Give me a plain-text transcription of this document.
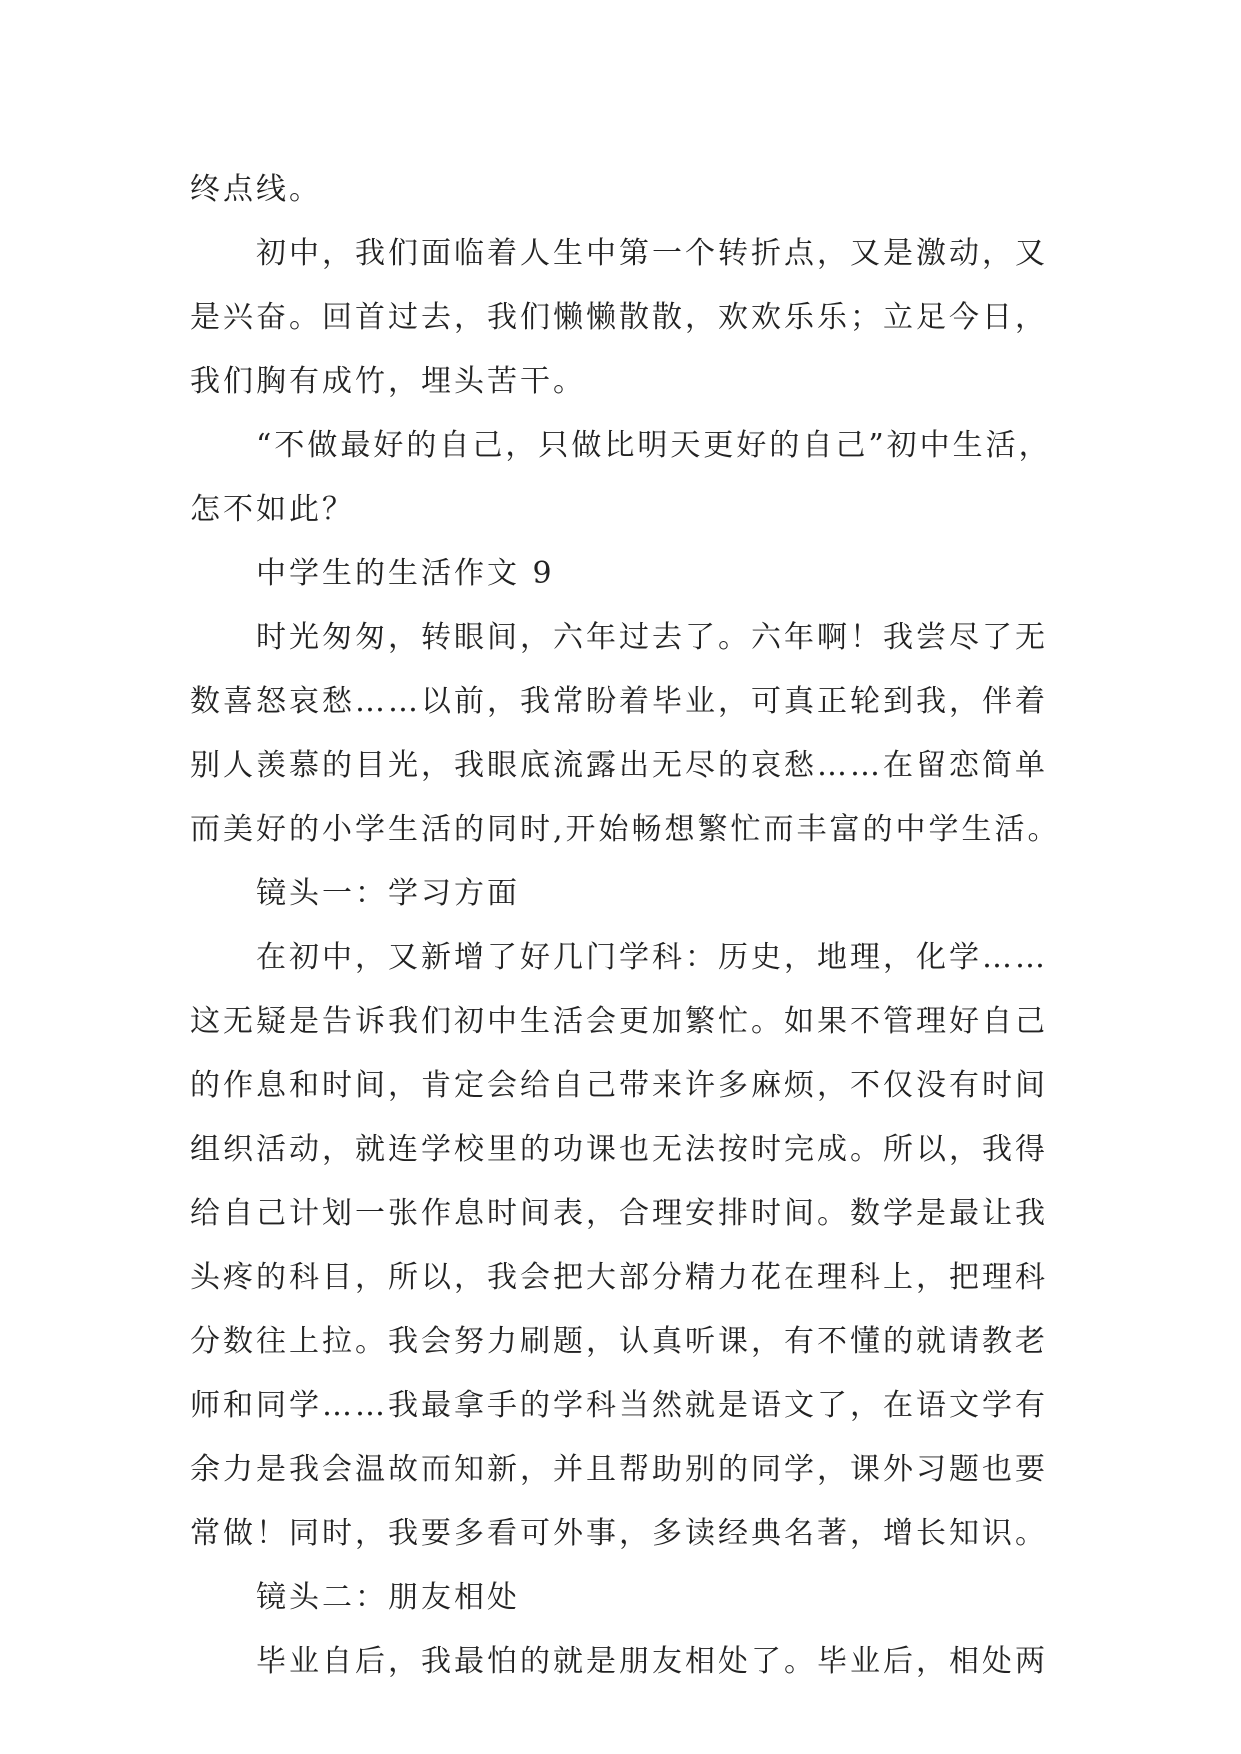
终点线。
初中，我们面临着人生中第一个转折点，又是激动，又
是兴奋。回首过去，我们懒懒散散，欢欢乐乐；立足今日，
我们胸有成竹，埋头苦干。
“不做最好的自己，只做比明天更好的自己”初中生活，
怎不如此？
中学生的生活作文 9
时光匆匆，转眼间，六年过去了。六年啊！我尝尽了无
数喜怒哀愁……以前，我常盼着毕业，可真正轮到我，伴着
别人羡慕的目光，我眼底流露出无尽的哀愁……在留恋简单
而美好的小学生活的同时,开始畅想繁忙而丰富的中学生活。
镜头一：学习方面
在初中，又新增了好几门学科：历史，地理，化学……
这无疑是告诉我们初中生活会更加繁忙。如果不管理好自己
的作息和时间，肯定会给自己带来许多麻烦，不仅没有时间
组织活动，就连学校里的功课也无法按时完成。所以，我得
给自己计划一张作息时间表，合理安排时间。数学是最让我
头疼的科目，所以，我会把大部分精力花在理科上，把理科
分数往上拉。我会努力刷题，认真听课，有不懂的就请教老
师和同学……我最拿手的学科当然就是语文了，在语文学有
余力是我会温故而知新，并且帮助别的同学，课外习题也要
常做！同时，我要多看可外事，多读经典名著，增长知识。
镜头二：朋友相处
毕业自后，我最怕的就是朋友相处了。毕业后，相处两
